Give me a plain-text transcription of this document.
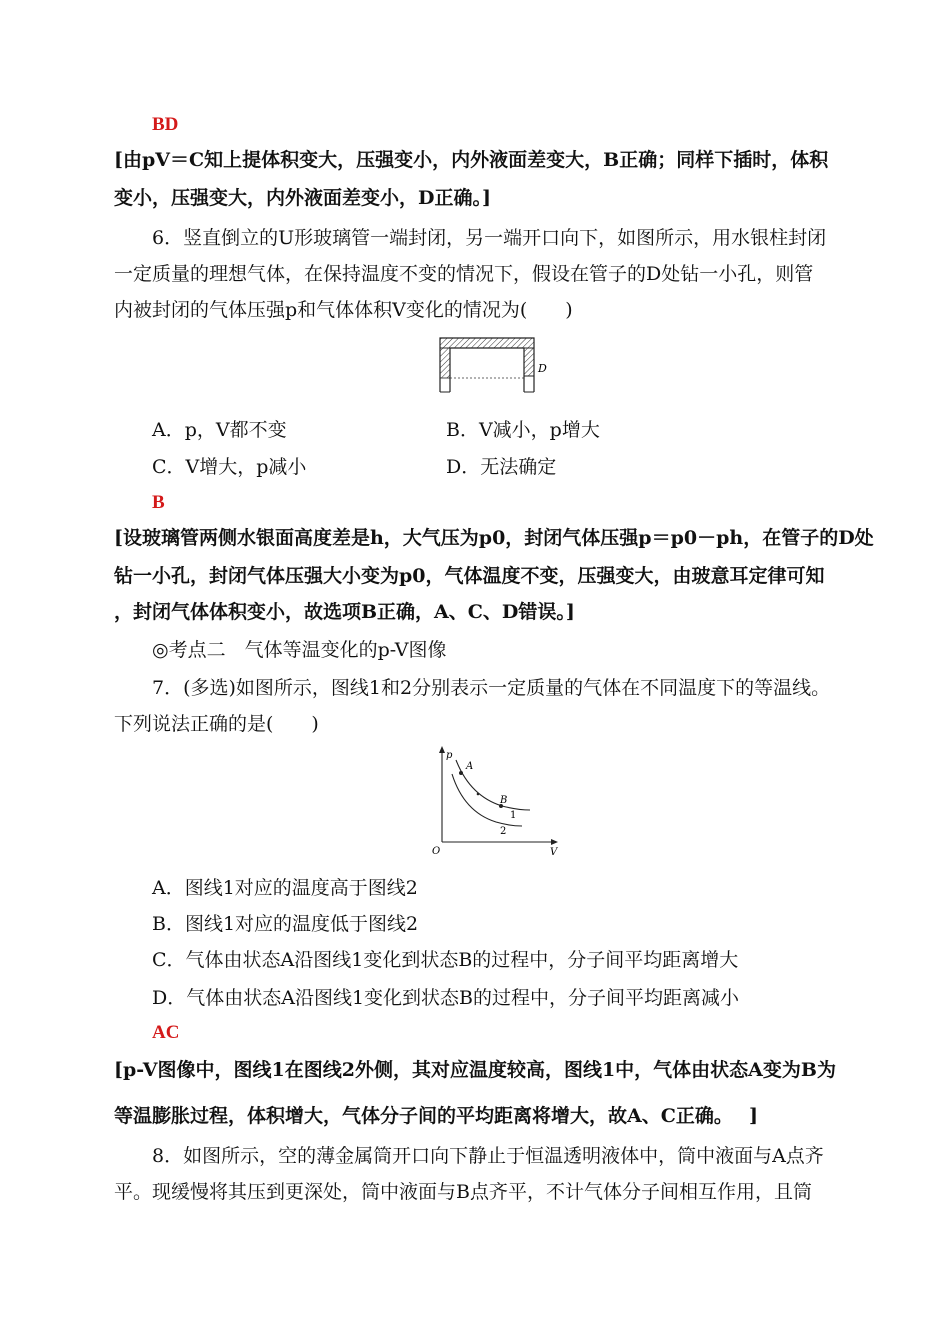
BD
[由pV＝C知上提体积变大，压强变小，内外液面差变大，B正确；同样下插时，体积
变小，压强变大，内外液面差变小，D正确。]
6．竖直倒立的U形玻璃管一端封闭，另一端开口向下，如图所示，用水银柱封闭
一定质量的理想气体，在保持温度不变的情况下，假设在管子的D处钻一小孔，则管
内被封闭的气体压强p和气体体积V变化的情况为(　　)
D
A．p，V都不变	B．V减小，p增大
C．V增大，p减小	D．无法确定
B
[设玻璃管两侧水银面高度差是h，大气压为p0，封闭气体压强p＝p0－ph，在管子的D处
钻一小孔，封闭气体压强大小变为p0，气体温度不变，压强变大，由玻意耳定律可知
，封闭气体体积变小，故选项B正确，A、C、D错误。]
◎考点二　气体等温变化的p-V图像
7．(多选)如图所示，图线1和2分别表示一定质量的气体在不同温度下的等温线。
下列说法正确的是(　　)
p
V
O
A
B
1
2
A．图线1对应的温度高于图线2
B．图线1对应的温度低于图线2
C．气体由状态A沿图线1变化到状态B的过程中，分子间平均距离增大
D．气体由状态A沿图线1变化到状态B的过程中，分子间平均距离减小
AC
[p-V图像中，图线1在图线2外侧，其对应温度较高，图线1中，气体由状态A变为B为
等温膨胀过程，体积增大，气体分子间的平均距离将增大，故A、C正确。　 ]
8．如图所示，空的薄金属筒开口向下静止于恒温透明液体中，筒中液面与A点齐
平。现缓慢将其压到更深处，筒中液面与B点齐平，不计气体分子间相互作用，且筒
